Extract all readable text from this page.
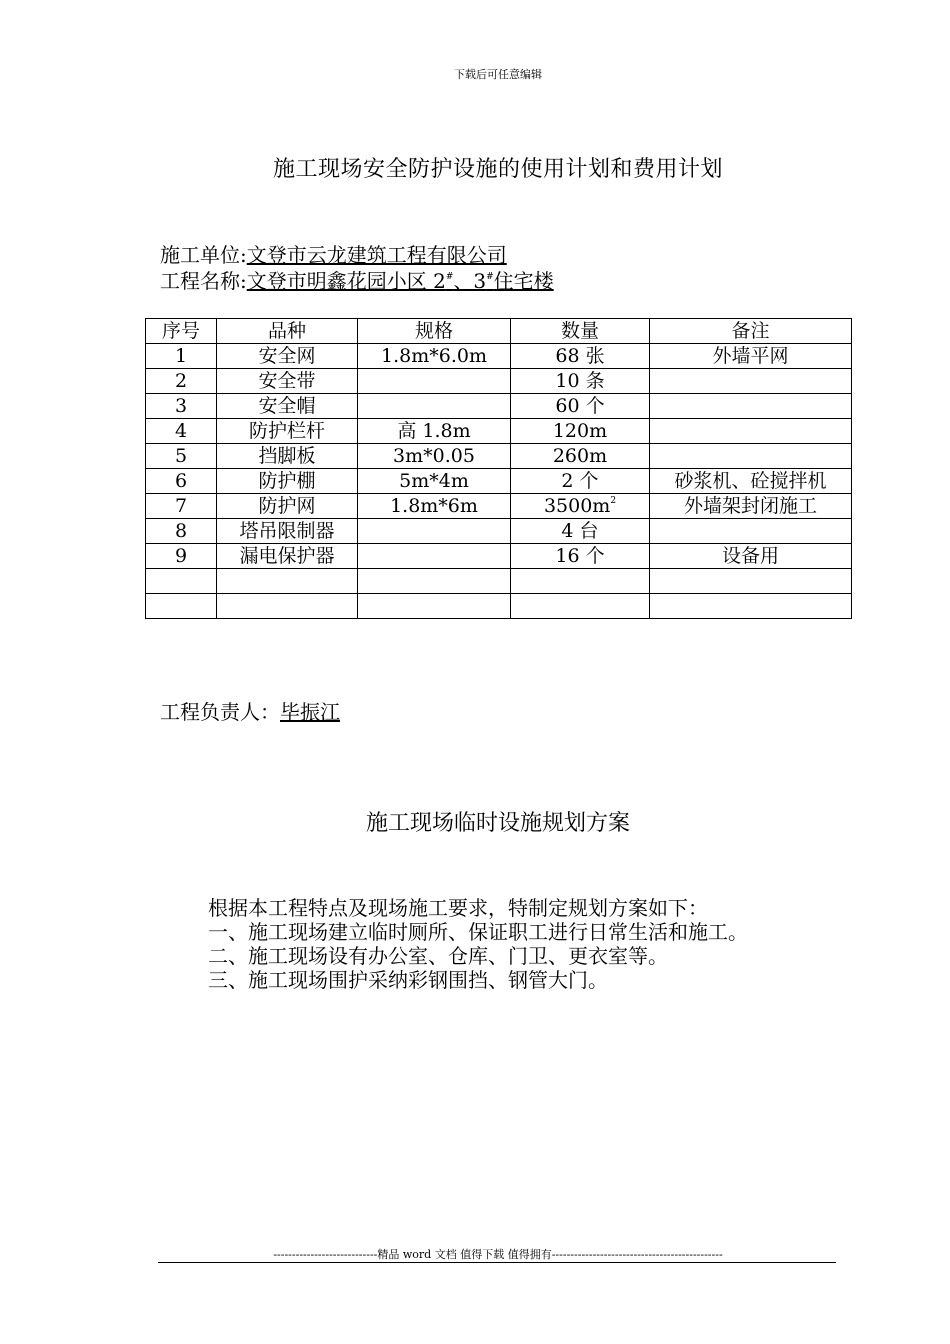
下载后可任意编辑
施工现场安全防护设施的使用计划和费用计划
施工单位:文登市云龙建筑工程有限公司
工程名称:文登市明鑫花园小区 2#、3#住宅楼
序号	品种	规格	数量	备注
1	安全网	1.8m*6.0m	68 张	外墙平网
2	安全带		10 条	
3	安全帽		60 个	
4	防护栏杆	高 1.8m	120m	
5	挡脚板	3m*0.05	260m	
6	防护棚	5m*4m	2 个	砂浆机、砼搅拌机
7	防护网	1.8m*6m	$3500m^2$	外墙架封闭施工
8	塔吊限制器		4 台	
9	漏电保护器		16 个	设备用

工程负责人：毕振江
施工现场临时设施规划方案
根据本工程特点及现场施工要求，特制定规划方案如下：
一、施工现场建立临时厕所、保证职工进行日常生活和施工。
二、施工现场设有办公室、仓库、门卫、更衣室等。
三、施工现场围护采纳彩钢围挡、钢管大门。
----------------------------精品 word 文档 值得下载 值得拥有----------------------------------------------
